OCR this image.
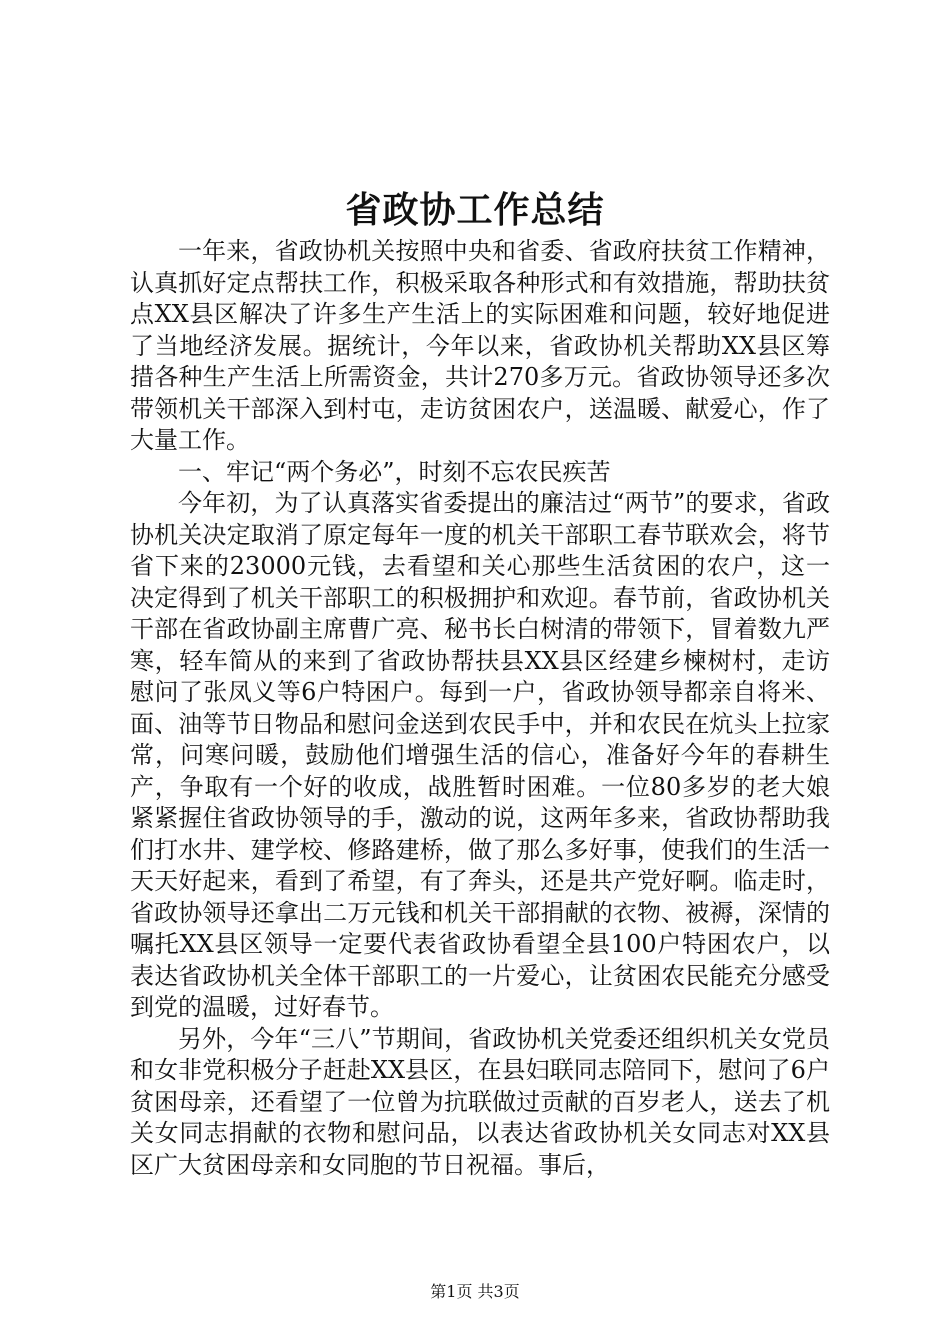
省政协工作总结

一年来，省政协机关按照中央和省委、省政府扶贫工作精神，认真抓好定点帮扶工作，积极采取各种形式和有效措施，帮助扶贫点XX县区解决了许多生产生活上的实际困难和问题，较好地促进了当地经济发展。据统计，今年以来，省政协机关帮助XX县区筹措各种生产生活上所需资金，共计270多万元。省政协领导还多次带领机关干部深入到村屯，走访贫困农户，送温暖、献爱心，作了大量工作。

一、牢记“两个务必”，时刻不忘农民疾苦

今年初，为了认真落实省委提出的廉洁过“两节”的要求，省政协机关决定取消了原定每年一度的机关干部职工春节联欢会，将节省下来的23000元钱，去看望和关心那些生活贫困的农户，这一决定得到了机关干部职工的积极拥护和欢迎。春节前，省政协机关干部在省政协副主席曹广亮、秘书长白树清的带领下，冒着数九严寒，轻车简从的来到了省政协帮扶县XX县区经建乡楝树村，走访慰问了张凤义等6户特困户。每到一户，省政协领导都亲自将米、面、油等节日物品和慰问金送到农民手中，并和农民在炕头上拉家常，问寒问暖，鼓励他们增强生活的信心，准备好今年的春耕生产，争取有一个好的收成，战胜暂时困难。一位80多岁的老大娘紧紧握住省政协领导的手，激动的说，这两年多来，省政协帮助我们打水井、建学校、修路建桥，做了那么多好事，使我们的生活一天天好起来，看到了希望，有了奔头，还是共产党好啊。临走时，省政协领导还拿出二万元钱和机关干部捐献的衣物、被褥，深情的嘱托XX县区领导一定要代表省政协看望全县100户特困农户，以表达省政协机关全体干部职工的一片爱心，让贫困农民能充分感受到党的温暖，过好春节。

另外，今年“三八”节期间，省政协机关党委还组织机关女党员和女非党积极分子赶赴XX县区，在县妇联同志陪同下，慰问了6户贫困母亲，还看望了一位曾为抗联做过贡献的百岁老人，送去了机关女同志捐献的衣物和慰问品，以表达省政协机关女同志对XX县区广大贫困母亲和女同胞的节日祝福。事后，

第1页 共3页
